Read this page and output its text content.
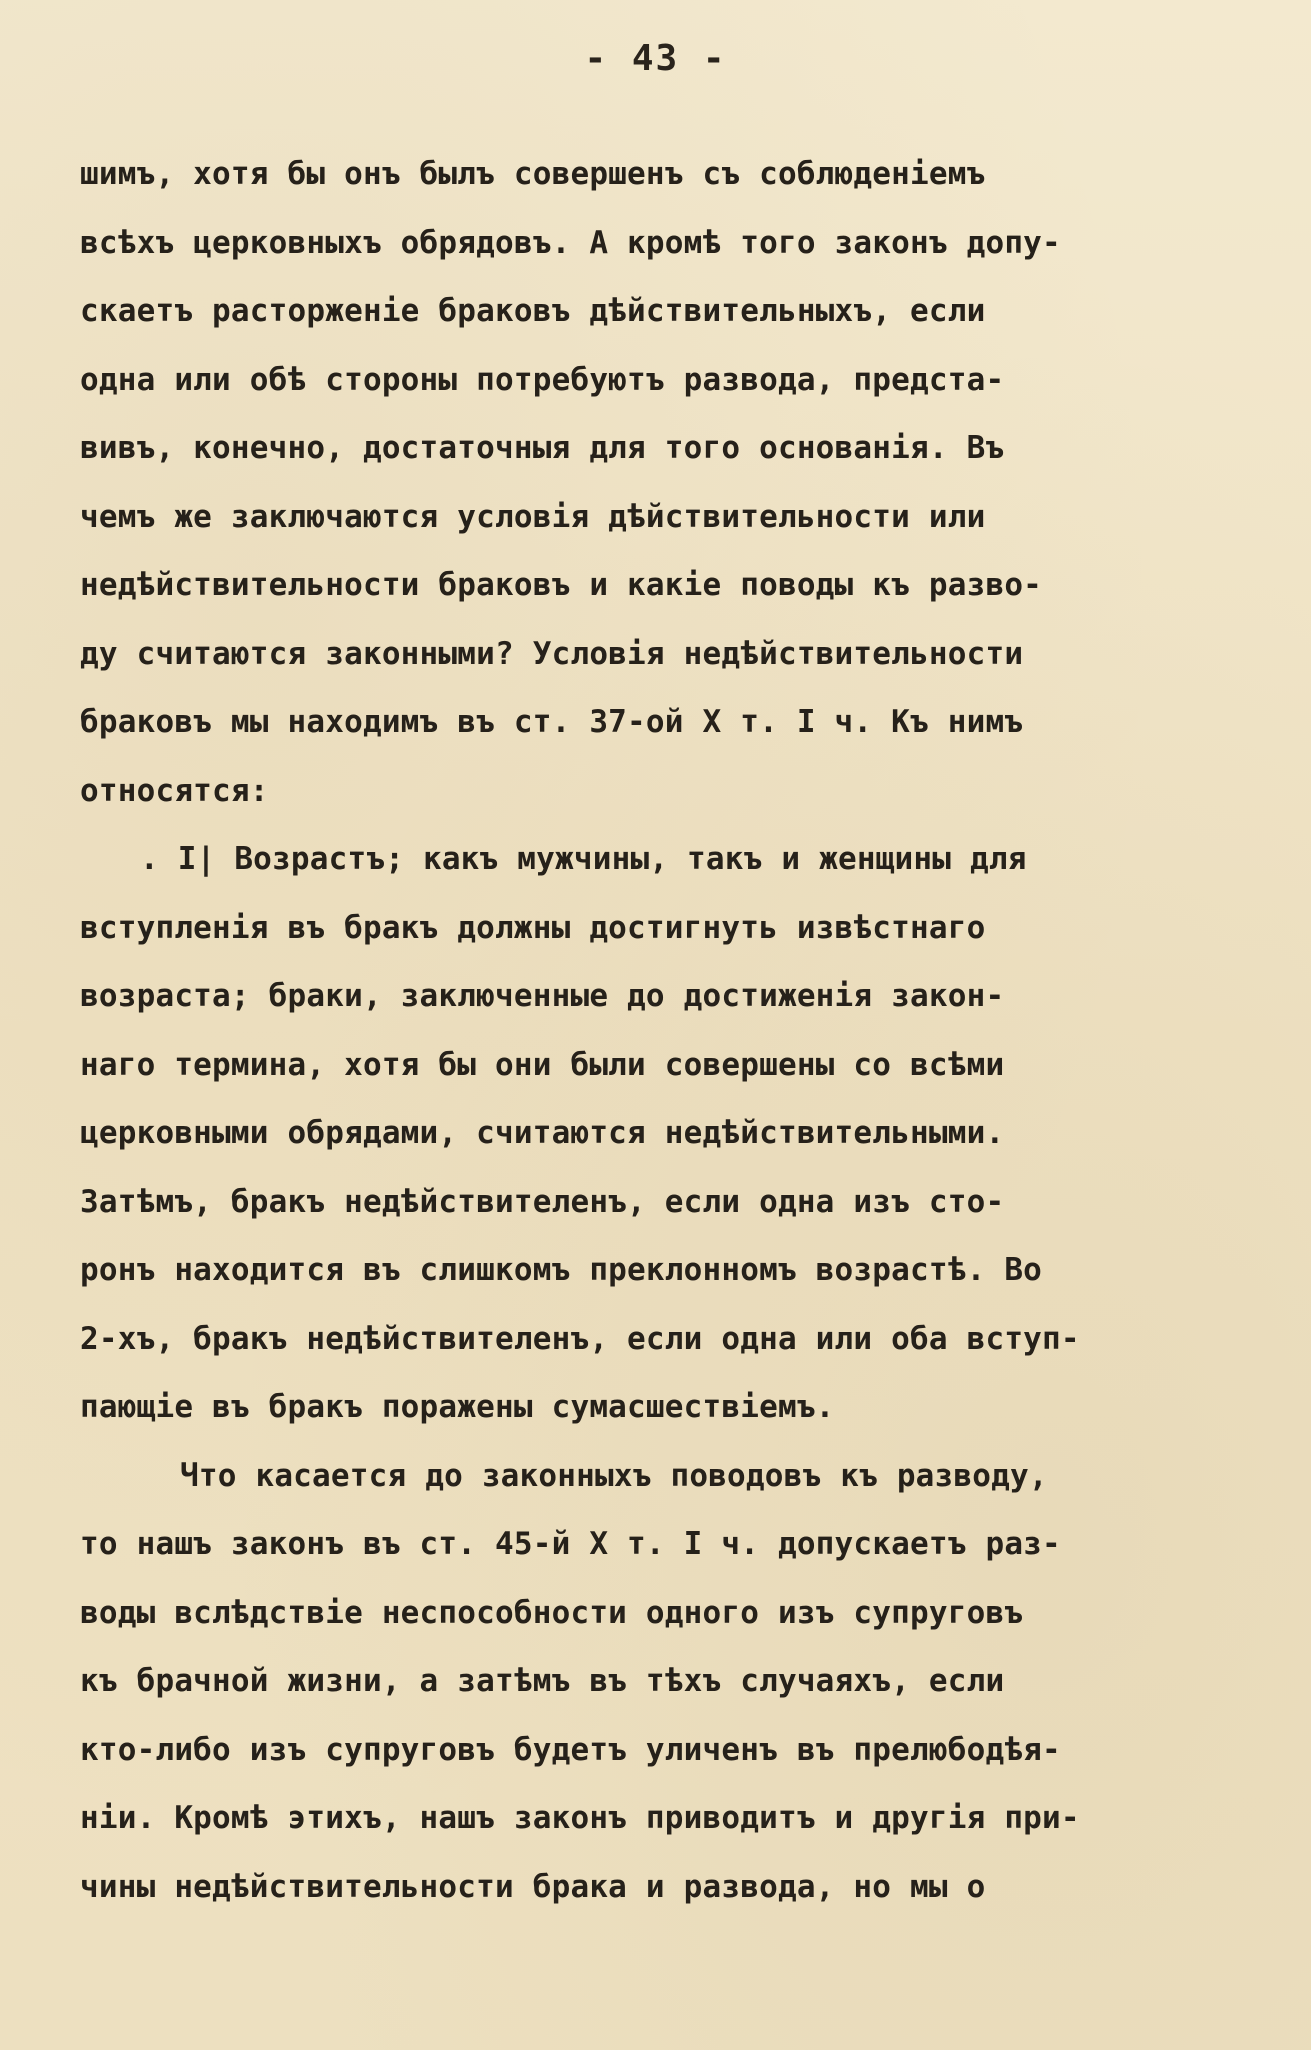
- 43 -
шимъ, хотя бы онъ былъ совершенъ съ соблюденіемъ
всѣхъ церковныхъ обрядовъ. А кромѣ того законъ допу-
скаетъ расторженіе браковъ дѣйствительныхъ, если
одна или обѣ стороны потребуютъ развода, предста-
вивъ, конечно, достаточныя для того основанія. Въ
чемъ же заключаются условія дѣйствительности или
недѣйствительности браковъ и какіе поводы къ разво-
ду считаются законными? Условія недѣйствительности
браковъ мы находимъ въ ст. 37-ой X т. I ч. Къ нимъ
относятся:
. I| Возрастъ; какъ мужчины, такъ и женщины для
вступленія въ бракъ должны достигнуть извѣстнаго
возраста; браки, заключенные до достиженія закон-
наго термина, хотя бы они были совершены со всѣми
церковными обрядами, считаются недѣйствительными.
Затѣмъ, бракъ недѣйствителенъ, если одна изъ сто-
ронъ находится въ слишкомъ преклонномъ возрастѣ. Во
2-хъ, бракъ недѣйствителенъ, если одна или оба вступ-
пающіе въ бракъ поражены сумасшествіемъ.
Что касается до законныхъ поводовъ къ разводу,
то нашъ законъ въ ст. 45-й X т. I ч. допускаетъ раз-
воды вслѣдствіе неспособности одного изъ супруговъ
къ брачной жизни, а затѣмъ въ тѣхъ случаяхъ, если
кто-либо изъ супруговъ будетъ уличенъ въ прелюбодѣя-
ніи. Кромѣ этихъ, нашъ законъ приводитъ и другія при-
чины недѣйствительности брака и развода, но мы о
